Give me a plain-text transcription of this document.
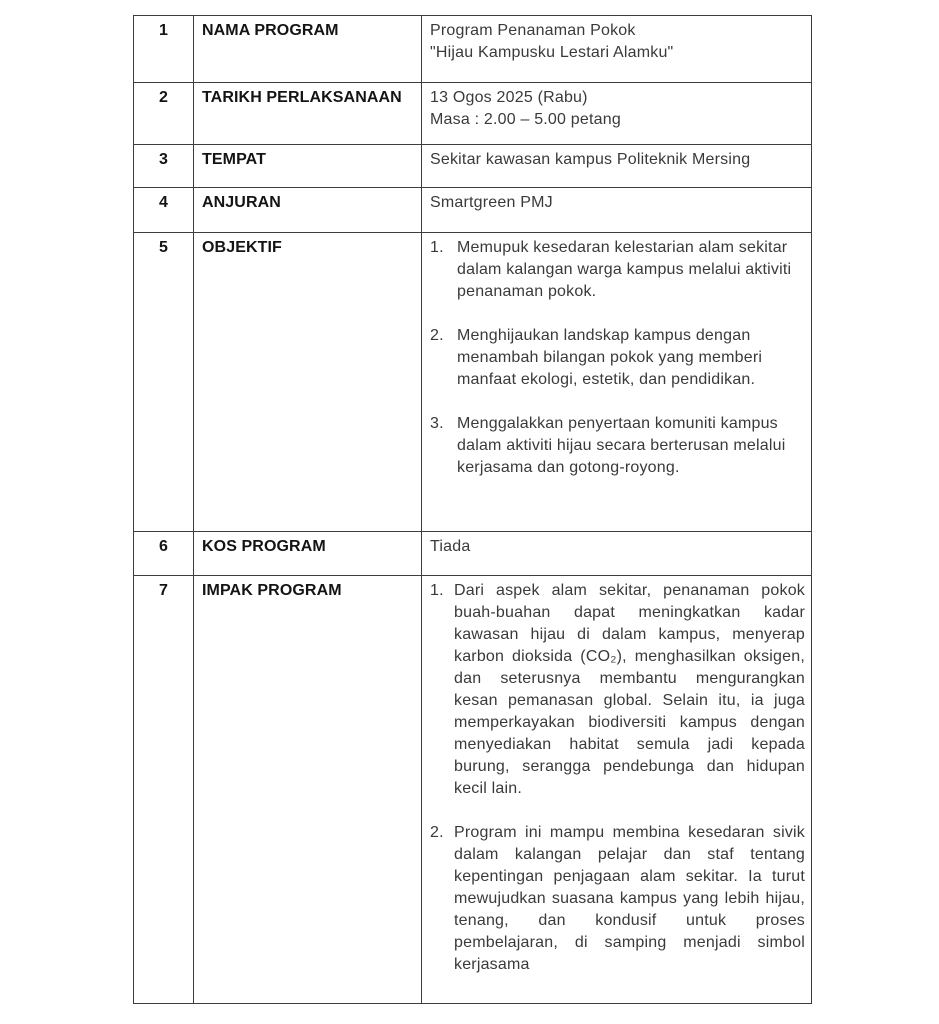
1	NAMA PROGRAM	Program Penanaman Pokok
"Hijau Kampusku Lestari Alamku"

2	TARIKH PERLAKSANAAN	13 Ogos 2025 (Rabu)
Masa : 2.00 – 5.00 petang

3	TEMPAT	Sekitar kawasan kampus Politeknik Mersing

4	ANJURAN	Smartgreen PMJ

5	OBJEKTIF	1. Memupuk kesedaran kelestarian alam sekitar dalam kalangan warga kampus melalui aktiviti penanaman pokok.
2. Menghijaukan landskap kampus dengan menambah bilangan pokok yang memberi manfaat ekologi, estetik, dan pendidikan.
3. Menggalakkan penyertaan komuniti kampus dalam aktiviti hijau secara berterusan melalui kerjasama dan gotong-royong.

6	KOS PROGRAM	Tiada

7	IMPAK PROGRAM	1. Dari aspek alam sekitar, penanaman pokok buah-buahan dapat meningkatkan kadar kawasan hijau di dalam kampus, menyerap karbon dioksida (CO₂), menghasilkan oksigen, dan seterusnya membantu mengurangkan kesan pemanasan global. Selain itu, ia juga memperkayakan biodiversiti kampus dengan menyediakan habitat semula jadi kepada burung, serangga pendebunga dan hidupan kecil lain.
2. Program ini mampu membina kesedaran sivik dalam kalangan pelajar dan staf tentang kepentingan penjagaan alam sekitar. Ia turut mewujudkan suasana kampus yang lebih hijau, tenang, dan kondusif untuk proses pembelajaran, di samping menjadi simbol kerjasama
